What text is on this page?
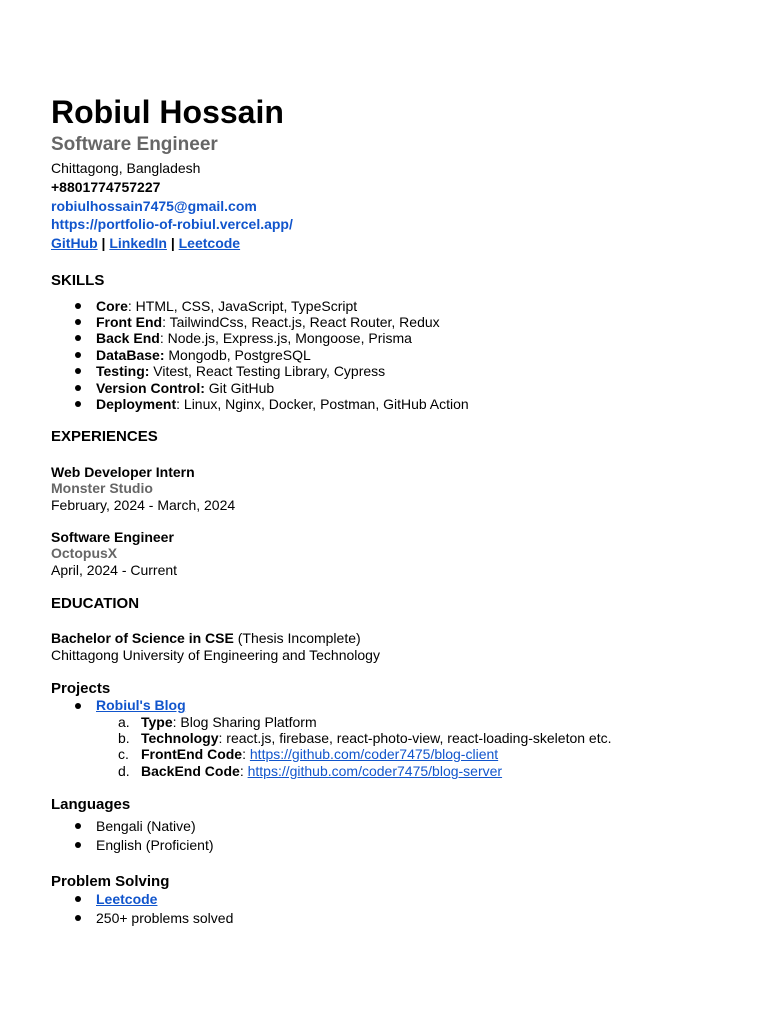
Robiul Hossain
Software Engineer
Chittagong, Bangladesh
+8801774757227
robiulhossain7475@gmail.com
https://portfolio-of-robiul.vercel.app/
GitHub | LinkedIn | Leetcode
SKILLS
Core: HTML, CSS, JavaScript, TypeScript
Front End: TailwindCss, React.js, React Router, Redux
Back End: Node.js, Express.js, Mongoose, Prisma
DataBase: Mongodb, PostgreSQL
Testing: Vitest, React Testing Library, Cypress
Version Control: Git GitHub
Deployment: Linux, Nginx, Docker, Postman, GitHub Action
EXPERIENCES
Web Developer Intern
Monster Studio
February, 2024 - March, 2024
Software Engineer
OctopusX
April, 2024 - Current
EDUCATION
Bachelor of Science in CSE (Thesis Incomplete)
Chittagong University of Engineering and Technology
Projects
Robiul's Blog
a. Type: Blog Sharing Platform
b. Technology: react.js, firebase, react-photo-view, react-loading-skeleton etc.
c. FrontEnd Code: https://github.com/coder7475/blog-client
d. BackEnd Code: https://github.com/coder7475/blog-server
Languages
Bengali (Native)
English (Proficient)
Problem Solving
Leetcode
250+ problems solved
